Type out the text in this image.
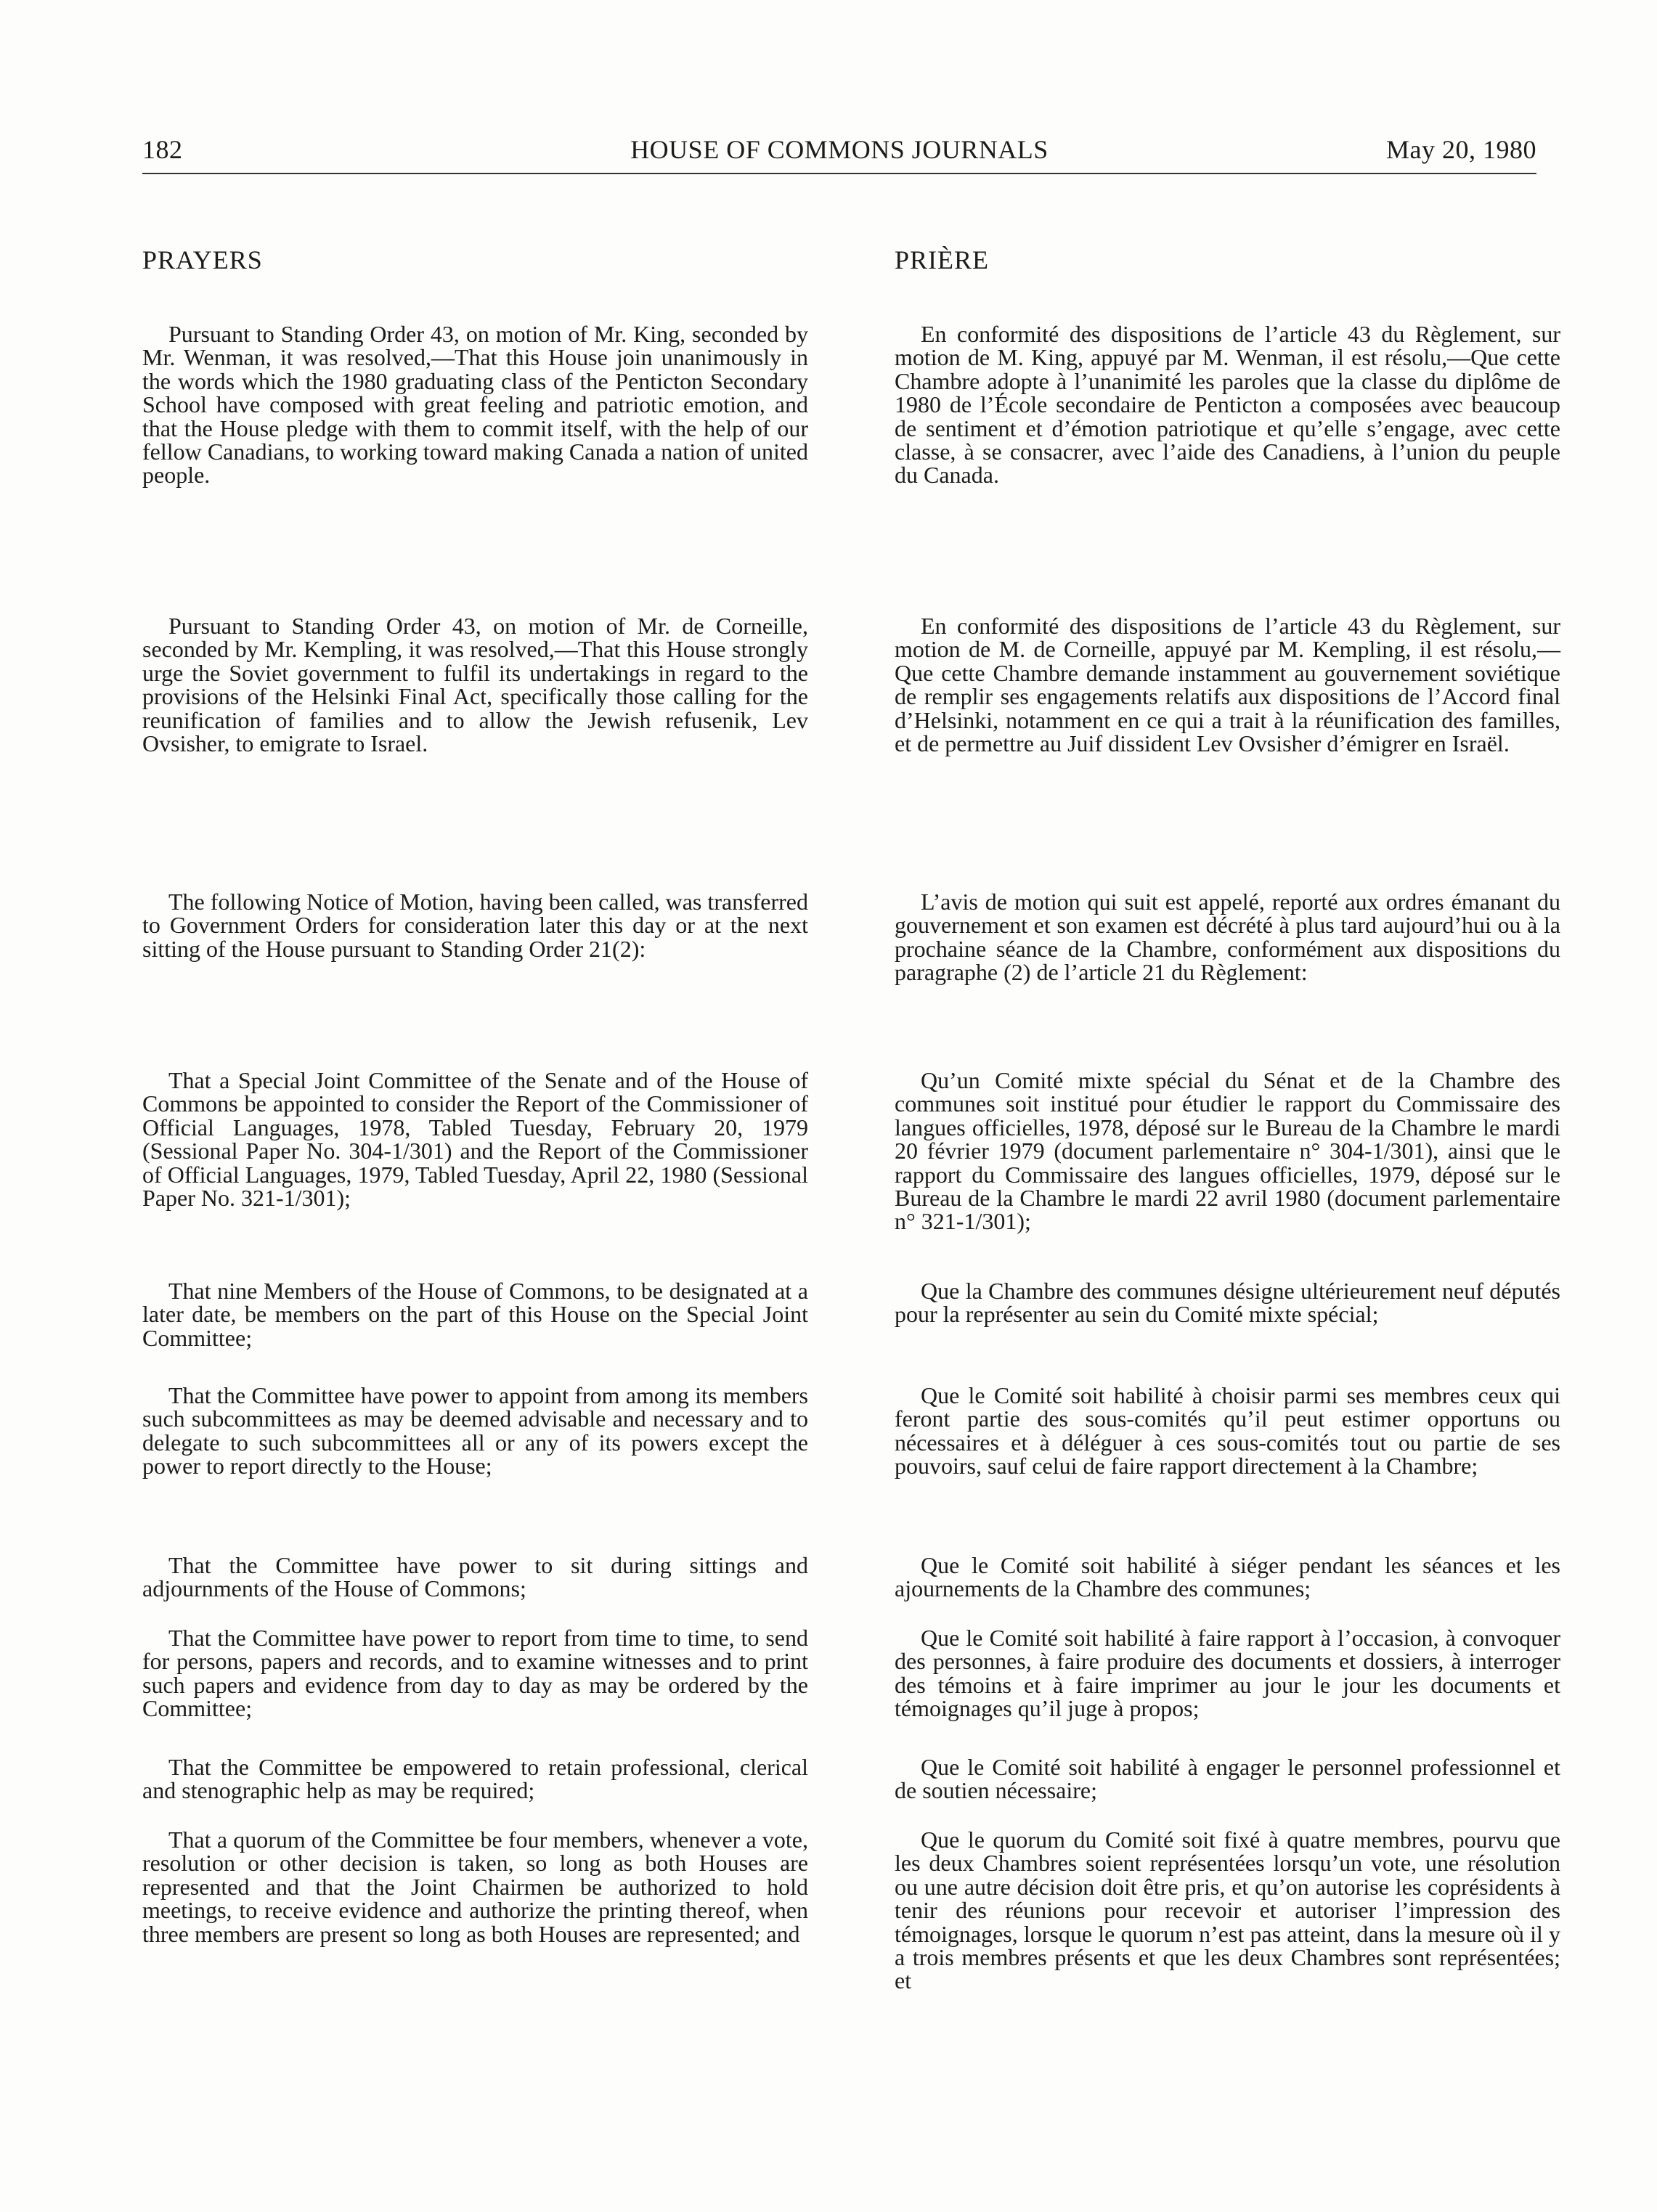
182	HOUSE OF COMMONS JOURNALS	May 20, 1980
PRAYERS
Pursuant to Standing Order 43, on motion of Mr. King, seconded by Mr. Wenman, it was resolved,—That this House join unanimously in the words which the 1980 graduating class of the Penticton Secondary School have composed with great feeling and patriotic emotion, and that the House pledge with them to commit itself, with the help of our fellow Canadians, to working toward making Canada a nation of united people.
Pursuant to Standing Order 43, on motion of Mr. de Corneille, seconded by Mr. Kempling, it was resolved,—That this House strongly urge the Soviet government to fulfil its undertakings in regard to the provisions of the Helsinki Final Act, specifically those calling for the reunification of families and to allow the Jewish refusenik, Lev Ovsisher, to emigrate to Israel.
The following Notice of Motion, having been called, was transferred to Government Orders for consideration later this day or at the next sitting of the House pursuant to Standing Order 21(2):
That a Special Joint Committee of the Senate and of the House of Commons be appointed to consider the Report of the Commissioner of Official Languages, 1978, Tabled Tuesday, February 20, 1979 (Sessional Paper No. 304-1/301) and the Report of the Commissioner of Official Languages, 1979, Tabled Tuesday, April 22, 1980 (Sessional Paper No. 321-1/301);
That nine Members of the House of Commons, to be designated at a later date, be members on the part of this House on the Special Joint Committee;
That the Committee have power to appoint from among its members such subcommittees as may be deemed advisable and necessary and to delegate to such subcommittees all or any of its powers except the power to report directly to the House;
That the Committee have power to sit during sittings and adjournments of the House of Commons;
That the Committee have power to report from time to time, to send for persons, papers and records, and to examine witnesses and to print such papers and evidence from day to day as may be ordered by the Committee;
That the Committee be empowered to retain professional, clerical and stenographic help as may be required;
That a quorum of the Committee be four members, whenever a vote, resolution or other decision is taken, so long as both Houses are represented and that the Joint Chairmen be authorized to hold meetings, to receive evidence and authorize the printing thereof, when three members are present so long as both Houses are represented; and
PRIÈRE
En conformité des dispositions de l’article 43 du Règlement, sur motion de M. King, appuyé par M. Wenman, il est résolu,—Que cette Chambre adopte à l’unanimité les paroles que la classe du diplôme de 1980 de l’École secondaire de Penticton a composées avec beaucoup de sentiment et d’émotion patriotique et qu’elle s’engage, avec cette classe, à se consacrer, avec l’aide des Canadiens, à l’union du peuple du Canada.
En conformité des dispositions de l’article 43 du Règlement, sur motion de M. de Corneille, appuyé par M. Kempling, il est résolu,—Que cette Chambre demande instamment au gouvernement soviétique de remplir ses engagements relatifs aux dispositions de l’Accord final d’Helsinki, notamment en ce qui a trait à la réunification des familles, et de permettre au Juif dissident Lev Ovsisher d’émigrer en Israël.
L’avis de motion qui suit est appelé, reporté aux ordres émanant du gouvernement et son examen est décrété à plus tard aujourd’hui ou à la prochaine séance de la Chambre, conformément aux dispositions du paragraphe (2) de l’article 21 du Règlement:
Qu’un Comité mixte spécial du Sénat et de la Chambre des communes soit institué pour étudier le rapport du Commissaire des langues officielles, 1978, déposé sur le Bureau de la Chambre le mardi 20 février 1979 (document parlementaire n° 304-1/301), ainsi que le rapport du Commissaire des langues officielles, 1979, déposé sur le Bureau de la Chambre le mardi 22 avril 1980 (document parlementaire n° 321-1/301);
Que la Chambre des communes désigne ultérieurement neuf députés pour la représenter au sein du Comité mixte spécial;
Que le Comité soit habilité à choisir parmi ses membres ceux qui feront partie des sous-comités qu’il peut estimer opportuns ou nécessaires et à déléguer à ces sous-comités tout ou partie de ses pouvoirs, sauf celui de faire rapport directement à la Chambre;
Que le Comité soit habilité à siéger pendant les séances et les ajournements de la Chambre des communes;
Que le Comité soit habilité à faire rapport à l’occasion, à convoquer des personnes, à faire produire des documents et dossiers, à interroger des témoins et à faire imprimer au jour le jour les documents et témoignages qu’il juge à propos;
Que le Comité soit habilité à engager le personnel professionnel et de soutien nécessaire;
Que le quorum du Comité soit fixé à quatre membres, pourvu que les deux Chambres soient représentées lorsqu’un vote, une résolution ou une autre décision doit être pris, et qu’on autorise les coprésidents à tenir des réunions pour recevoir et autoriser l’impression des témoignages, lorsque le quorum n’est pas atteint, dans la mesure où il y a trois membres présents et que les deux Chambres sont représentées; et
